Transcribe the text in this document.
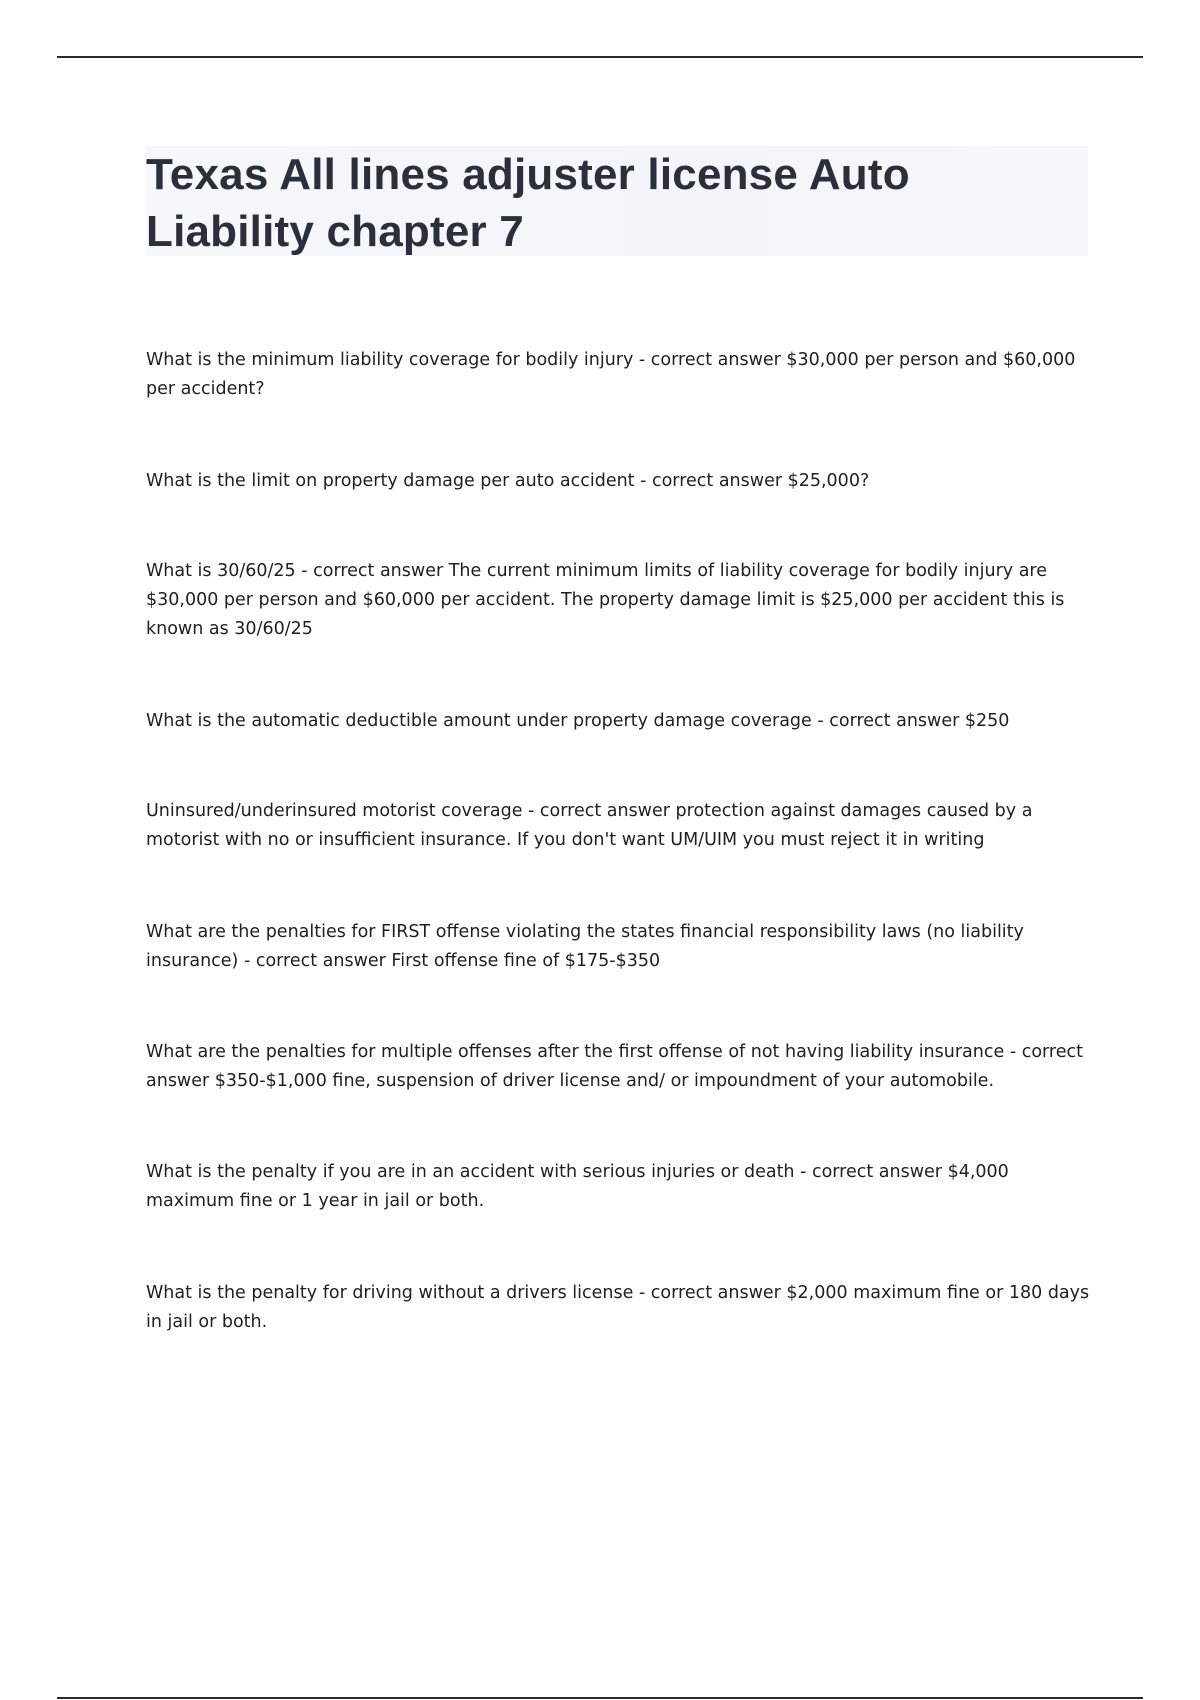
Texas All lines adjuster license Auto Liability chapter 7

What is the minimum liability coverage for bodily injury - correct answer $30,000 per person and $60,000 per accident?

What is the limit on property damage per auto accident - correct answer $25,000?

What is 30/60/25 - correct answer The current minimum limits of liability coverage for bodily injury are $30,000 per person and $60,000 per accident. The property damage limit is $25,000 per accident this is known as 30/60/25

What is the automatic deductible amount under property damage coverage - correct answer $250

Uninsured/underinsured motorist coverage - correct answer protection against damages caused by a motorist with no or insufficient insurance. If you don't want UM/UIM you must reject it in writing

What are the penalties for FIRST offense violating the states financial responsibility laws (no liability insurance) - correct answer First offense fine of $175-$350

What are the penalties for multiple offenses after the first offense of not having liability insurance - correct answer $350-$1,000 fine, suspension of driver license and/ or impoundment of your automobile.

What is the penalty if you are in an accident with serious injuries or death - correct answer $4,000 maximum fine or 1 year in jail or both.

What is the penalty for driving without a drivers license - correct answer $2,000 maximum fine or 180 days in jail or both.
